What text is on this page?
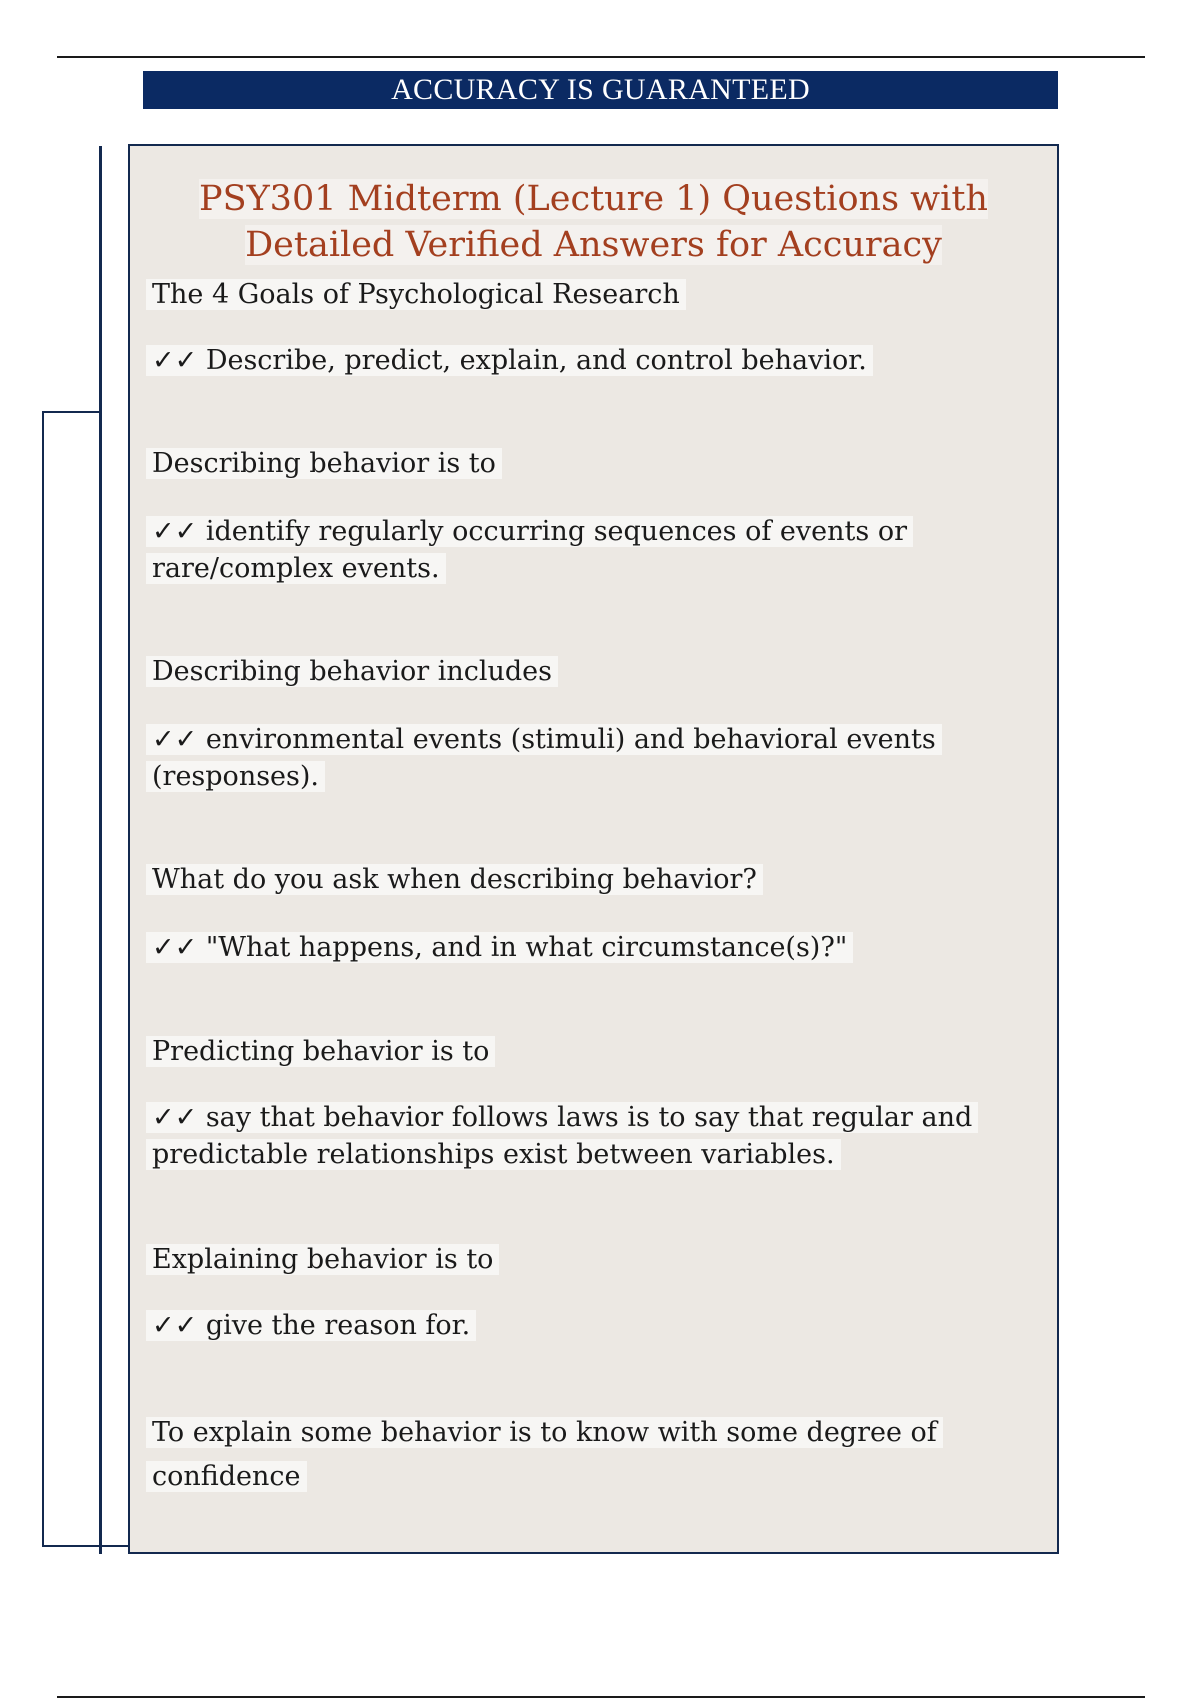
ACCURACY IS GUARANTEED
PSY301 Midterm (Lecture 1) Questions with
Detailed Verified Answers for Accuracy
The 4 Goals of Psychological Research
✓✓ Describe, predict, explain, and control behavior.
Describing behavior is to
✓✓ identify regularly occurring sequences of events or rare/complex events.
Describing behavior includes
✓✓ environmental events (stimuli) and behavioral events (responses).
What do you ask when describing behavior?
✓✓ "What happens, and in what circumstance(s)?"
Predicting behavior is to
✓✓ say that behavior follows laws is to say that regular and predictable relationships exist between variables.
Explaining behavior is to
✓✓ give the reason for.
To explain some behavior is to know with some degree of confidence
